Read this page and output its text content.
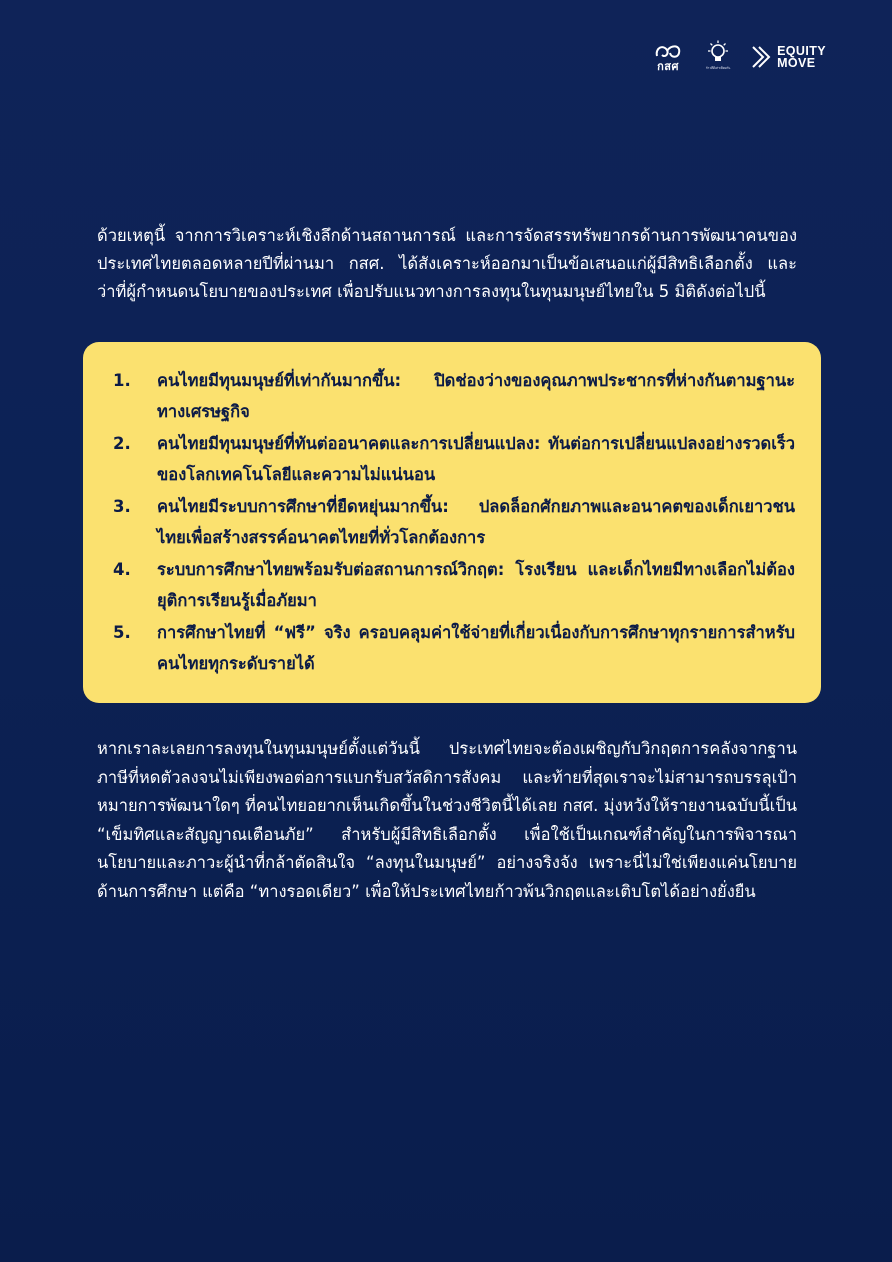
กสศ	ก้าวที่ดีเท่าเทียมกัน
EQUITY
MOVE

ด้วยเหตุนี้ จากการวิเคราะห์เชิงลึกด้านสถานการณ์ และการจัดสรรทรัพยากรด้านการพัฒนาคนของประเทศไทยตลอดหลายปีที่ผ่านมา กสศ. ได้สังเคราะห์ออกมาเป็นข้อเสนอแก่ผู้มีสิทธิเลือกตั้ง และว่าที่ผู้กำหนดนโยบายของประเทศ เพื่อปรับแนวทางการลงทุนในทุนมนุษย์ไทยใน 5 มิติดังต่อไปนี้

1.	คนไทยมีทุนมนุษย์ที่เท่ากันมากขึ้น: ปิดช่องว่างของคุณภาพประชากรที่ห่างกันตามฐานะทางเศรษฐกิจ
2.	คนไทยมีทุนมนุษย์ที่ทันต่ออนาคตและการเปลี่ยนแปลง: ทันต่อการเปลี่ยนแปลงอย่างรวดเร็วของโลกเทคโนโลยีและความไม่แน่นอน
3.	คนไทยมีระบบการศึกษาที่ยืดหยุ่นมากขึ้น: ปลดล็อกศักยภาพและอนาคตของเด็กเยาวชนไทยเพื่อสร้างสรรค์อนาคตไทยที่ทั่วโลกต้องการ
4.	ระบบการศึกษาไทยพร้อมรับต่อสถานการณ์วิกฤต: โรงเรียน และเด็กไทยมีทางเลือกไม่ต้องยุติการเรียนรู้เมื่อภัยมา
5.	การศึกษาไทยที่ “ฟรี” จริง ครอบคลุมค่าใช้จ่ายที่เกี่ยวเนื่องกับการศึกษาทุกรายการสำหรับคนไทยทุกระดับรายได้

หากเราละเลยการลงทุนในทุนมนุษย์ตั้งแต่วันนี้ ประเทศไทยจะต้องเผชิญกับวิกฤตการคลังจากฐานภาษีที่หดตัวลงจนไม่เพียงพอต่อการแบกรับสวัสดิการสังคม และท้ายที่สุดเราจะไม่สามารถบรรลุเป้าหมายการพัฒนาใดๆ ที่คนไทยอยากเห็นเกิดขึ้นในช่วงชีวิตนี้ได้เลย กสศ. มุ่งหวังให้รายงานฉบับนี้เป็น “เข็มทิศและสัญญาณเตือนภัย” สำหรับผู้มีสิทธิเลือกตั้ง เพื่อใช้เป็นเกณฑ์สำคัญในการพิจารณานโยบายและภาวะผู้นำที่กล้าตัดสินใจ “ลงทุนในมนุษย์” อย่างจริงจัง เพราะนี่ไม่ใช่เพียงแค่นโยบายด้านการศึกษา แต่คือ “ทางรอดเดียว” เพื่อให้ประเทศไทยก้าวพ้นวิกฤตและเติบโตได้อย่างยั่งยืน
